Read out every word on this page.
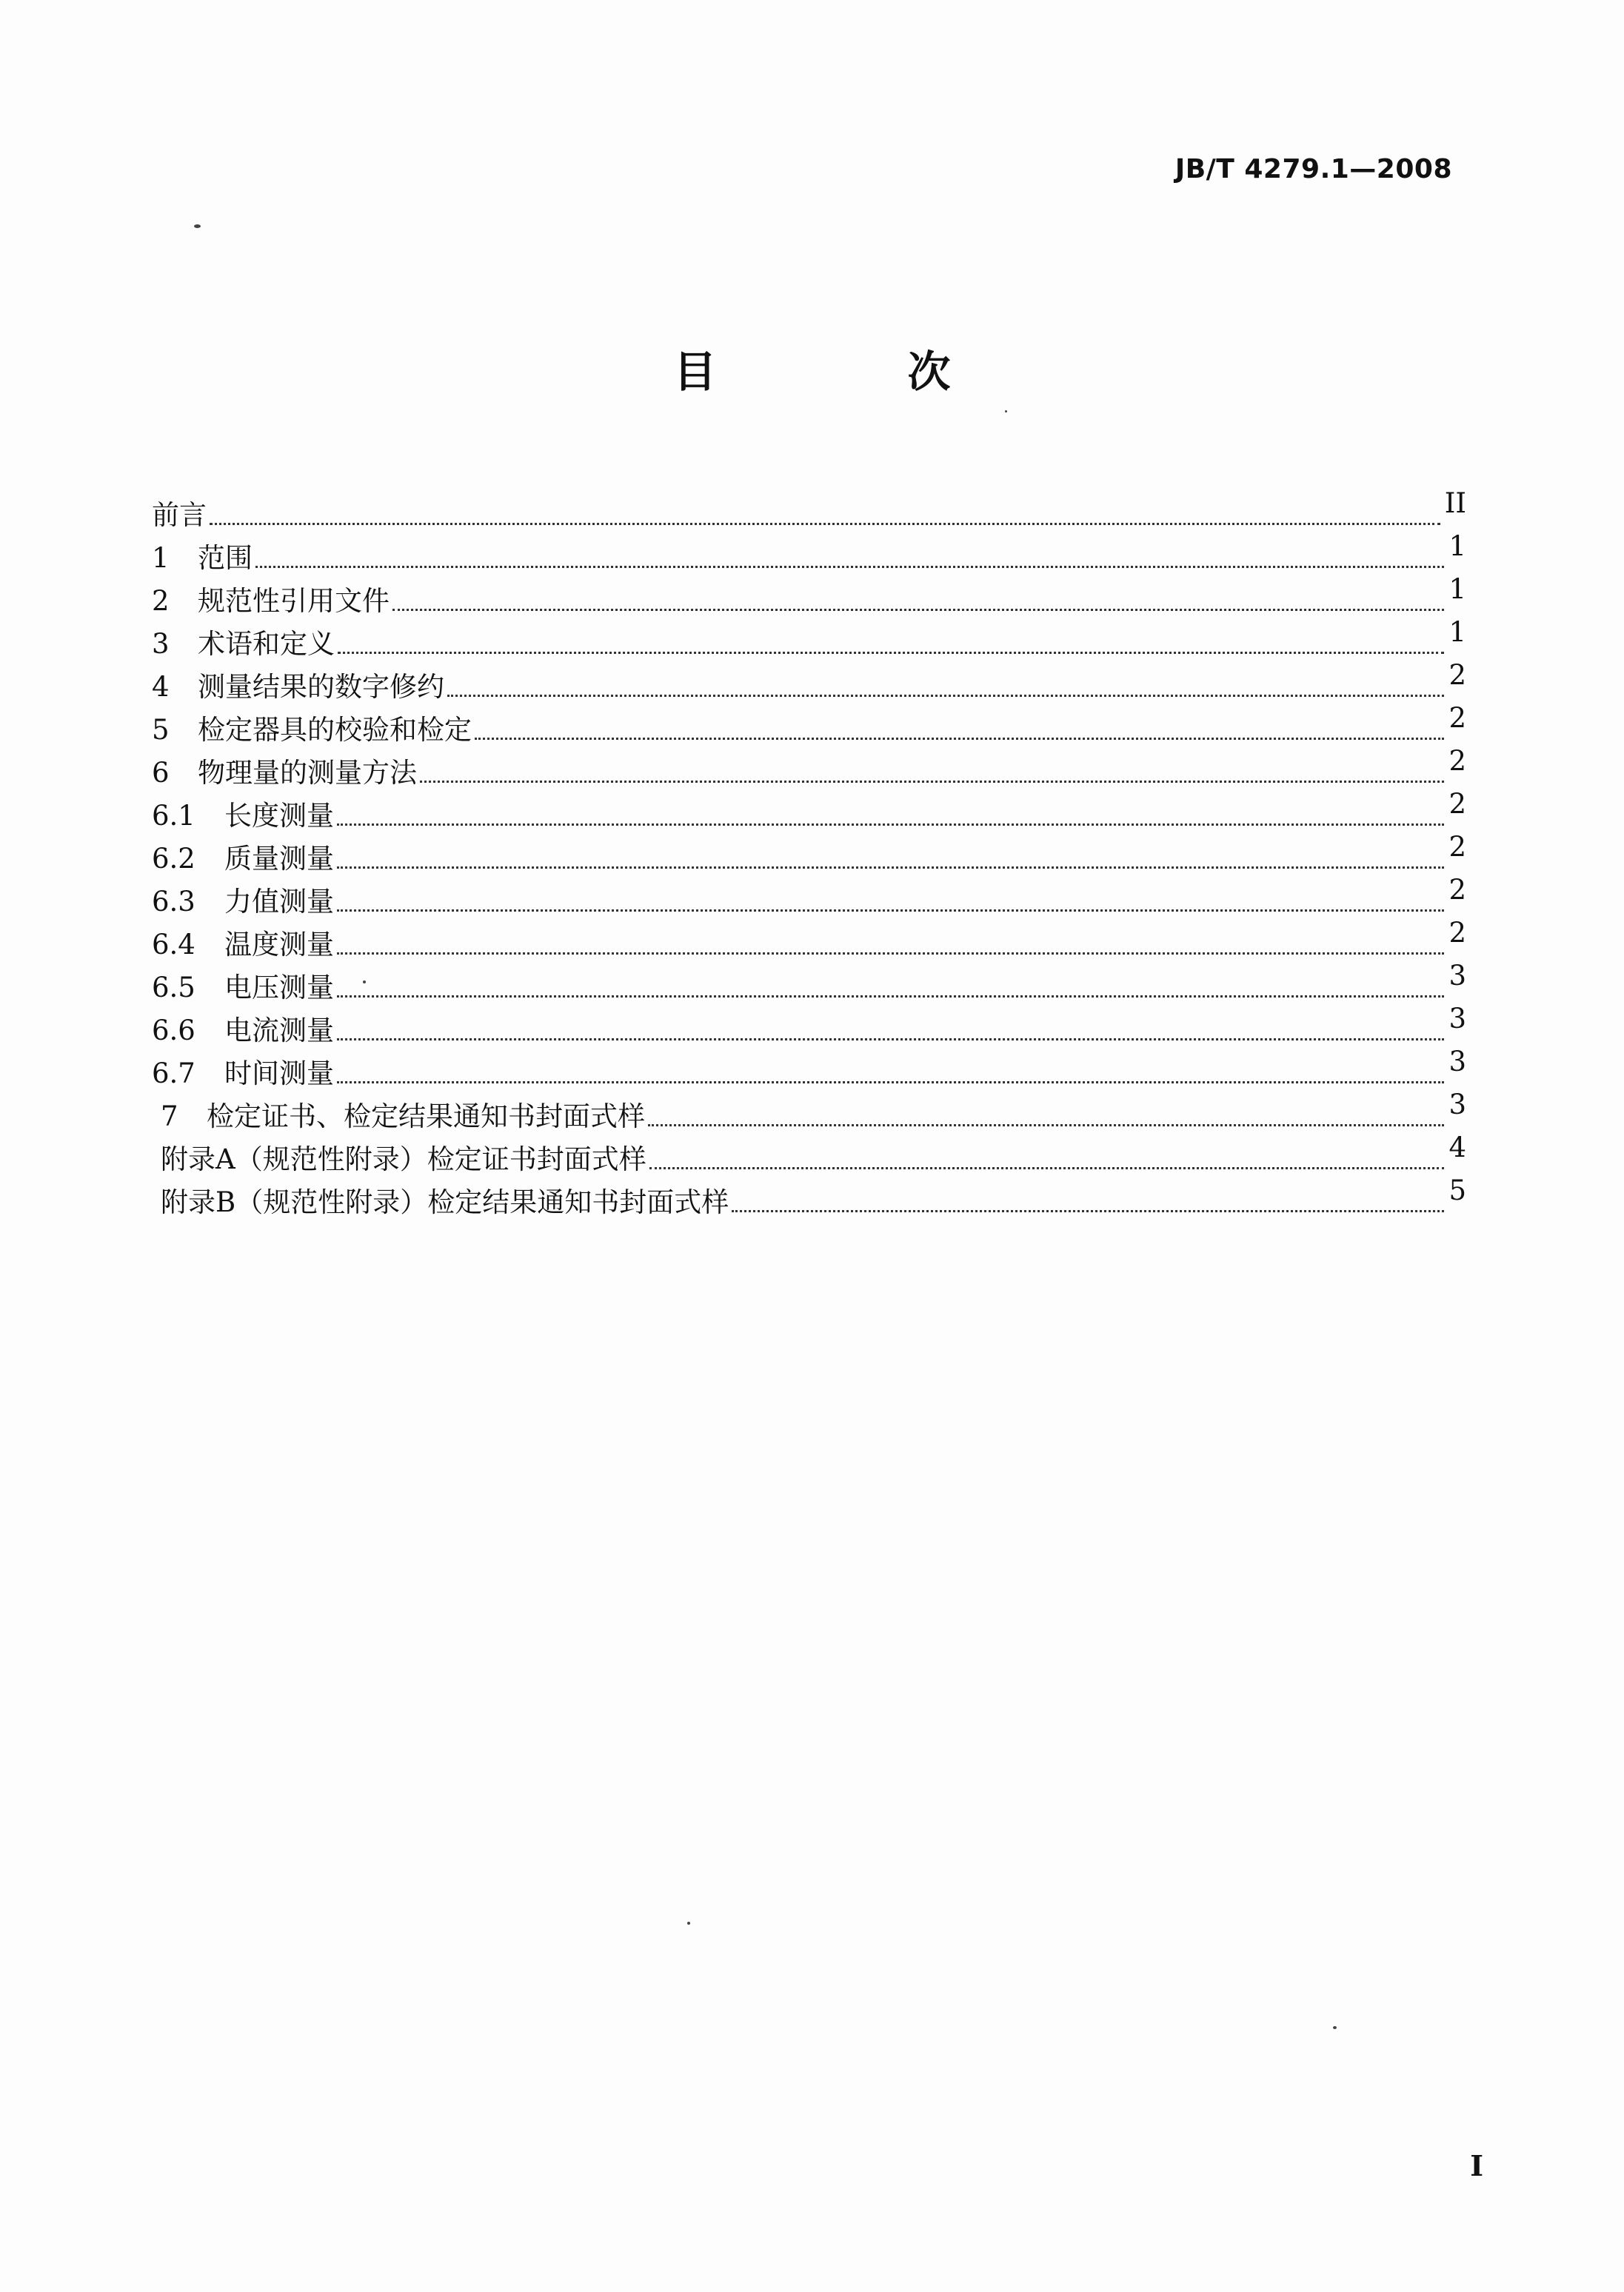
JB/T 4279.1—2008
目　次
前言	II
1	范围	1
2	规范性引用文件	1
3	术语和定义	1
4	测量结果的数字修约	2
5	检定器具的校验和检定	2
6	物理量的测量方法	2
6.1	长度测量	2
6.2	质量测量	2
6.3	力值测量	2
6.4	温度测量	2
6.5	电压测量	3
6.6	电流测量	3
6.7	时间测量	3
7	检定证书、检定结果通知书封面式样	3
附录A（规范性附录）检定证书封面式样	4
附录B（规范性附录）检定结果通知书封面式样	5
I
